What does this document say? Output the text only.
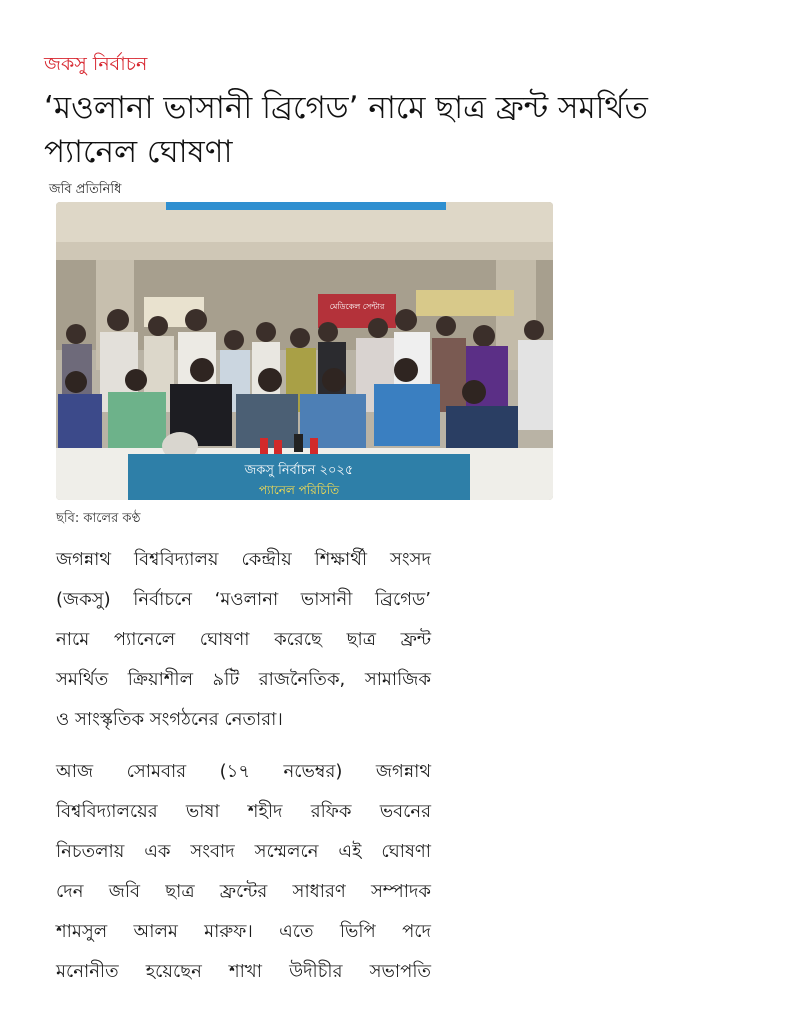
জকসু নির্বাচন
‘মওলানা ভাসানী ব্রিগেড’ নামে ছাত্র ফ্রন্ট সমর্থিত প্যানেল ঘোষণা
জবি প্রতিনিধি
মেডিকেল সেন্টার
জকসু নির্বাচন ২০২৫
প্যানেল পরিচিতি
ছবি: কালের কণ্ঠ
জগন্নাথ বিশ্ববিদ্যালয় কেন্দ্রীয় শিক্ষার্থী সংসদ
(জকসু) নির্বাচনে ‘মওলানা ভাসানী ব্রিগেড’
নামে প্যানেলে ঘোষণা করেছে ছাত্র ফ্রন্ট
সমর্থিত ক্রিয়াশীল ৯টি রাজনৈতিক, সামাজিক
ও সাংস্কৃতিক সংগঠনের নেতারা।
আজ সোমবার (১৭ নভেম্বর) জগন্নাথ
বিশ্ববিদ্যালয়ের ভাষা শহীদ রফিক ভবনের
নিচতলায় এক সংবাদ সম্মেলনে এই ঘোষণা
দেন জবি ছাত্র ফ্রন্টের সাধারণ সম্পাদক
শামসুল আলম মারুফ। এতে ভিপি পদে
মনোনীত হয়েছেন শাখা উদীচীর সভাপতি
